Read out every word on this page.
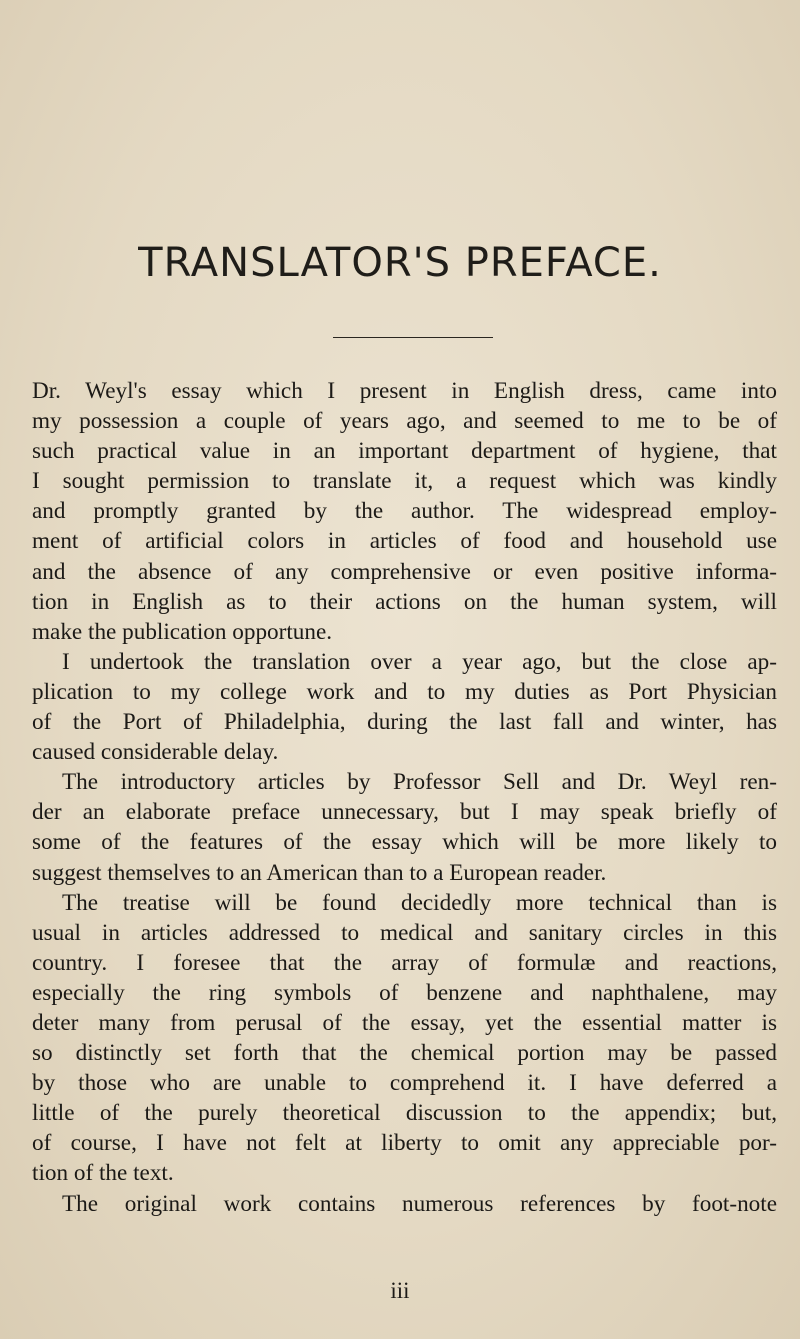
TRANSLATOR'S PREFACE.
Dr. Weyl's essay which I present in English dress, came into
my possession a couple of years ago, and seemed to me to be of
such practical value in an important department of hygiene, that
I sought permission to translate it, a request which was kindly
and promptly granted by the author. The widespread employ-
ment of artificial colors in articles of food and household use
and the absence of any comprehensive or even positive informa-
tion in English as to their actions on the human system, will
make the publication opportune.
I undertook the translation over a year ago, but the close ap-
plication to my college work and to my duties as Port Physician
of the Port of Philadelphia, during the last fall and winter, has
caused considerable delay.
The introductory articles by Professor Sell and Dr. Weyl ren-
der an elaborate preface unnecessary, but I may speak briefly of
some of the features of the essay which will be more likely to
suggest themselves to an American than to a European reader.
The treatise will be found decidedly more technical than is
usual in articles addressed to medical and sanitary circles in this
country. I foresee that the array of formulæ and reactions,
especially the ring symbols of benzene and naphthalene, may
deter many from perusal of the essay, yet the essential matter is
so distinctly set forth that the chemical portion may be passed
by those who are unable to comprehend it. I have deferred a
little of the purely theoretical discussion to the appendix; but,
of course, I have not felt at liberty to omit any appreciable por-
tion of the text.
The original work contains numerous references by foot-note
iii
